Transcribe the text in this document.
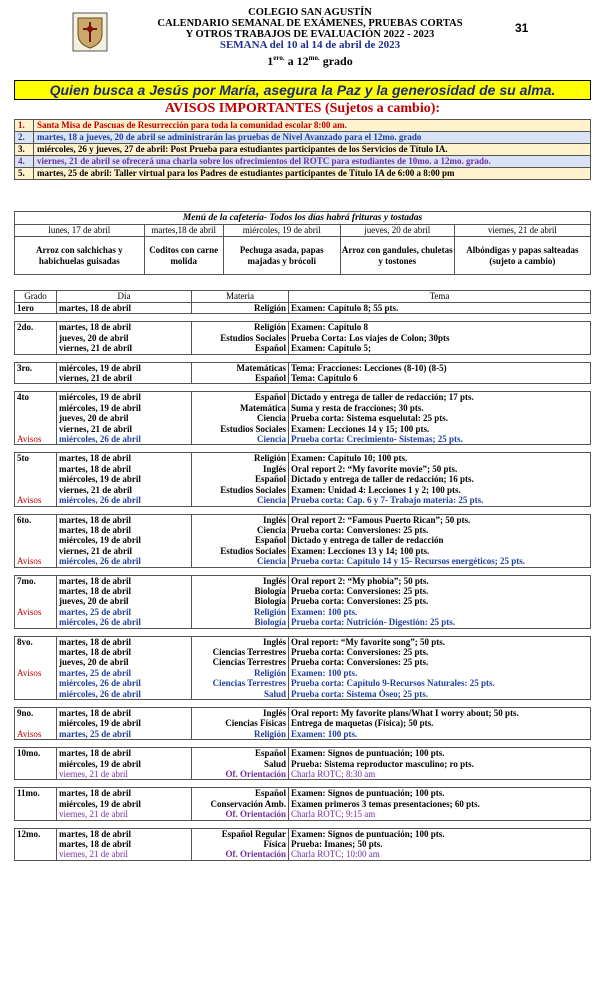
COLEGIO SAN AGUSTÍN
CALENDARIO SEMANAL DE EXÁMENES, PRUEBAS CORTAS
Y OTROS TRABAJOS DE EVALUACIÓN 2022 - 2023
SEMANA del 10 al 14 de abril de 2023
$1^{ero.}$ a $12^{mo.}$ grado
31
Quien busca a Jesús por María, asegura la Paz y la generosidad de su alma.
AVISOS IMPORTANTES (Sujetos a cambio):
1.	Santa Misa de Pascuas de Resurrección para toda la comunidad escolar 8:00 am.
2.	martes, 18 a jueves, 20 de abril se administrarán las pruebas de Nivel Avanzado para el 12mo. grado
3.	miércoles, 26 y jueves, 27 de abril: Post Prueba para estudiantes participantes de los Servicios de Título IA.
4.	viernes, 21 de abril se ofrecerá una charla sobre los ofrecimientos del ROTC para estudiantes de 10mo. a 12mo. grado.
5.	martes, 25 de abril: Taller virtual para los Padres de estudiantes participantes de Título IA de 6:00 a 8:00 pm
Menú de la cafetería- Todos los días habrá frituras y tostadas				
lunes, 17 de abril	martes,18 de abril	miércoles, 19 de abril	jueves, 20 de abril	viernes, 21 de abril
Arroz con salchichas y habichuelas guisadas	Coditos con carne molida	Pechuga asada, papas majadas y brócoli	Arroz con gandules, chuletas y tostones	Albóndigas y papas salteadas (sujeto a cambio)
Grado	Día	Materia	Tema
1ero	martes, 18 de abril	Religión	Examen: Capítulo 8; 55 pts.

2do.	martes, 18 de abril	Religión	Examen: Capítulo 8
	jueves, 20 de abril	Estudios Sociales	Prueba Corta: Los viajes de Colon; 30pts
	viernes, 21 de abril	Español	Examen: Capítulo 5;

3ro.	miércoles, 19 de abril	Matemáticas	Tema: Fracciones: Lecciones (8-10) (8-5)
	viernes, 21 de abril	Español	Tema: Capítulo 6

4to	miércoles, 19 de abril	Español	Dictado y entrega de taller de redacción; 17 pts.
	miércoles, 19 de abril	Matemática	Suma y resta de fracciones; 30 pts.
	jueves, 20 de abril	Ciencia	Prueba corta: Sistema esquelutal: 25 pts.
	viernes, 21 de abril	Estudios Sociales	Examen: Lecciones 14 y 15; 100 pts.
Avisos	miércoles, 26 de abril	Ciencia	Prueba corta: Crecimiento- Sistemas; 25 pts.

5to	martes, 18 de abril	Religión	Examen: Capítulo 10; 100 pts.
	martes, 18 de abril	Inglés	Oral report 2: “My favorite movie”; 50 pts.
	miércoles, 19 de abril	Español	Dictado y entrega de taller de redacción; 16 pts.
	viernes, 21 de abril	Estudios Sociales	Examen: Unidad 4: Lecciones 1 y 2; 100 pts.
Avisos	miércoles, 26 de abril	Ciencia	Prueba corta: Cap. 6 y 7- Trabajo materia: 25 pts.

6to.	martes, 18 de abril	Inglés	Oral report 2: “Famous Puerto Rican”; 50 pts.
	martes, 18 de abril	Ciencia	Prueba corta: Conversiones: 25 pts.
	miércoles, 19 de abril	Español	Dictado y entrega de taller de redacción
	viernes, 21 de abril	Estudios Sociales	Examen: Lecciones 13 y 14; 100 pts.
Avisos	miércoles, 26 de abril	Ciencia	Prueba corta: Capítulo 14 y 15- Recursos energéticos; 25 pts.

7mo.	martes, 18 de abril	Inglés	Oral report 2: “My phobia”; 50 pts.
	martes, 18 de abril	Biología	Prueba corta: Conversiones: 25 pts.
	jueves, 20 de abril	Biología	Prueba corta: Conversiones: 25 pts.
Avisos	martes, 25 de abril	Religión	Examen: 100 pts.
	miércoles, 26 de abril	Biología	Prueba corta: Nutrición- Digestión: 25 pts.

8vo.	martes, 18 de abril	Inglés	Oral report: “My favorite song”; 50 pts.
	martes, 18 de abril	Ciencias Terrestres	Prueba corta: Conversiones: 25 pts.
	jueves, 20 de abril	Ciencias Terrestres	Prueba corta: Conversiones: 25 pts.
Avisos	martes, 25 de abril	Religión	Examen: 100 pts.
	miércoles, 26 de abril	Ciencias Terrestres	Prueba corta: Capítulo 9-Recursos Naturales: 25 pts.
	miércoles, 26 de abril	Salud	Prueba corta: Sistema Óseo; 25 pts.

9no.	martes, 18 de abril	Inglés	Oral report: My favorite plans/What I worry about; 50 pts.
	miércoles, 19 de abril	Ciencias Físicas	Entrega de maquetas (Física); 50 pts.
Avisos	martes, 25 de abril	Religión	Examen: 100 pts.

10mo.	martes, 18 de abril	Español	Examen: Signos de puntuación; 100 pts.
	miércoles, 19 de abril	Salud	Prueba: Sistema reproductor masculino; ro pts.
	viernes, 21 de abril	Of. Orientación	Charla ROTC; 8:30 am

11mo.	martes, 18 de abril	Español	Examen: Signos de puntuación; 100 pts.
	miércoles, 19 de abril	Conservación Amb.	Examen primeros 3 temas presentaciones; 60 pts.
	viernes, 21 de abril	Of. Orientación	Charla ROTC; 9:15 am

12mo.	martes, 18 de abril	Español Regular	Examen: Signos de puntuación; 100 pts.
	martes, 18 de abril	Física	Prueba: Imanes; 50 pts.
	viernes, 21 de abril	Of. Orientación	Charla ROTC; 10:00 am
